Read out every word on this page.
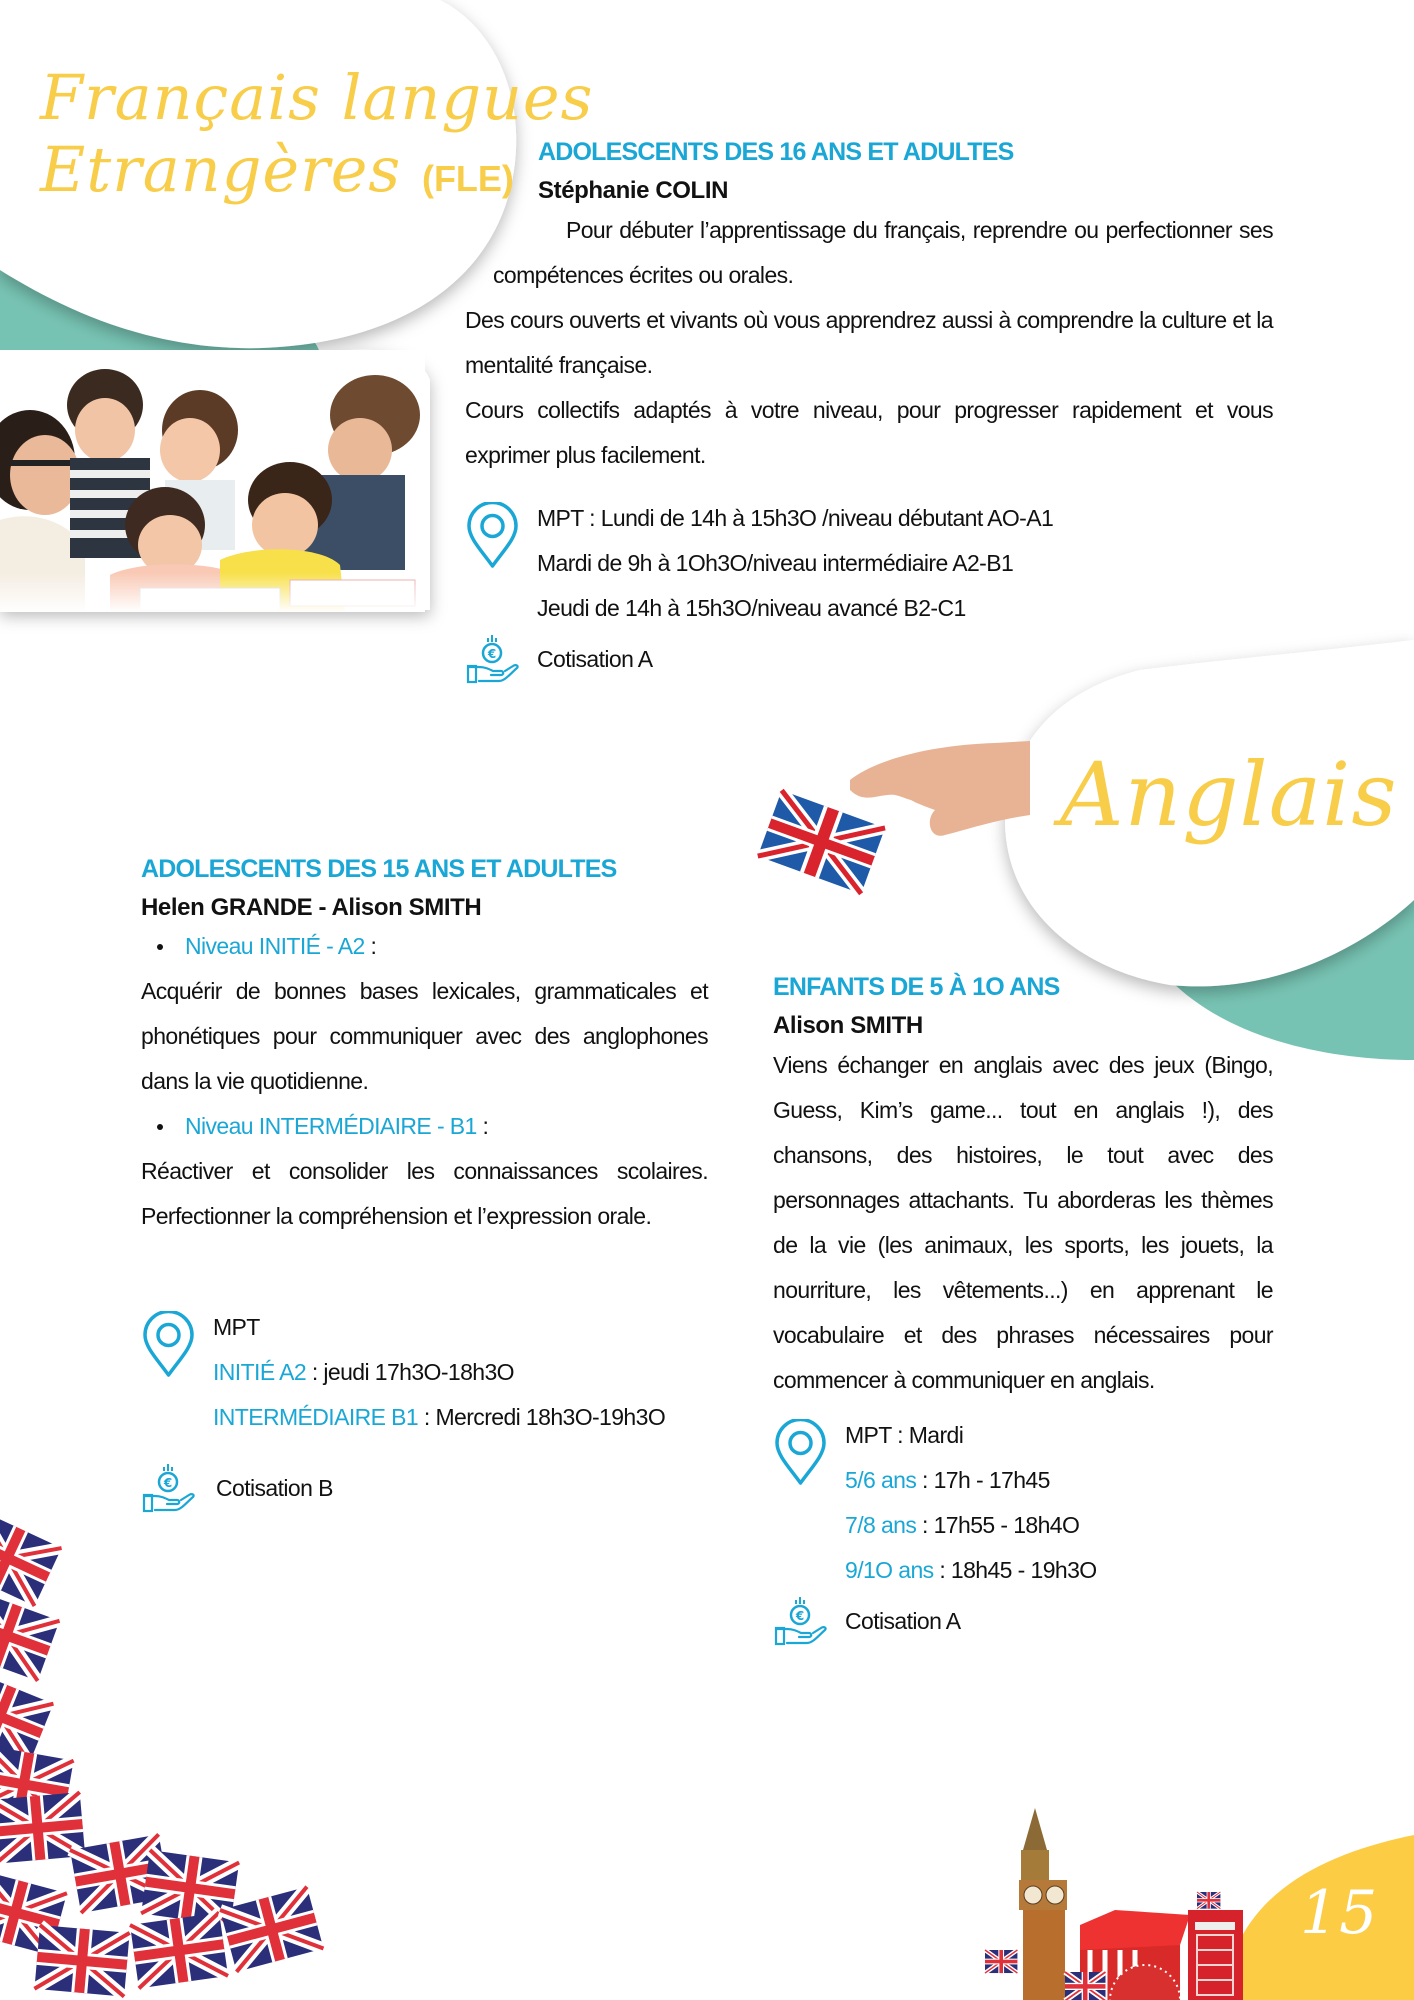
Français langues
Etrangères (FLE)
ADOLESCENTS DES 16 ANS ET ADULTES
Stéphanie COLIN
Pour débuter l’apprentissage du français, reprendre ou perfectionner ses compétences écrites ou orales.
Des cours ouverts et vivants où vous apprendrez aussi à comprendre la culture et la mentalité française.
Cours collectifs adaptés à votre niveau, pour progresser rapidement et vous exprimer plus facilement.
MPT : Lundi de 14h à 15h3O /niveau débutant AO-A1
Mardi de 9h à 1Oh3O/niveau intermédiaire A2-B1
Jeudi de 14h à 15h3O/niveau avancé B2-C1
€ Cotisation A
Anglais
ADOLESCENTS DES 15 ANS ET ADULTES
Helen GRANDE - Alison SMITH
Niveau INITIÉ - A2 :
Acquérir de bonnes bases lexicales, grammaticales et phonétiques pour communiquer avec des anglophones dans la vie quotidienne.
Niveau INTERMÉDIAIRE - B1 :
Réactiver et consolider les connaissances scolaires. Perfectionner la compréhension et l’expression orale.
MPT
INITIÉ A2 : jeudi 17h3O-18h3O
INTERMÉDIAIRE B1 : Mercredi 18h3O-19h3O
€ Cotisation B
ENFANTS DE 5 À 1O ANS
Alison SMITH
Viens échanger en anglais avec des jeux (Bingo, Guess, Kim’s game... tout en anglais !), des chansons, des histoires, le tout avec des personnages attachants. Tu aborderas les thèmes de la vie (les animaux, les sports, les jouets, la nourriture, les vêtements...) en apprenant le vocabulaire et des phrases nécessaires pour commencer à communiquer en anglais.
MPT : Mardi
5/6 ans : 17h - 17h45
7/8 ans : 17h55 - 18h4O
9/1O ans : 18h45 - 19h3O
€ Cotisation A
15
